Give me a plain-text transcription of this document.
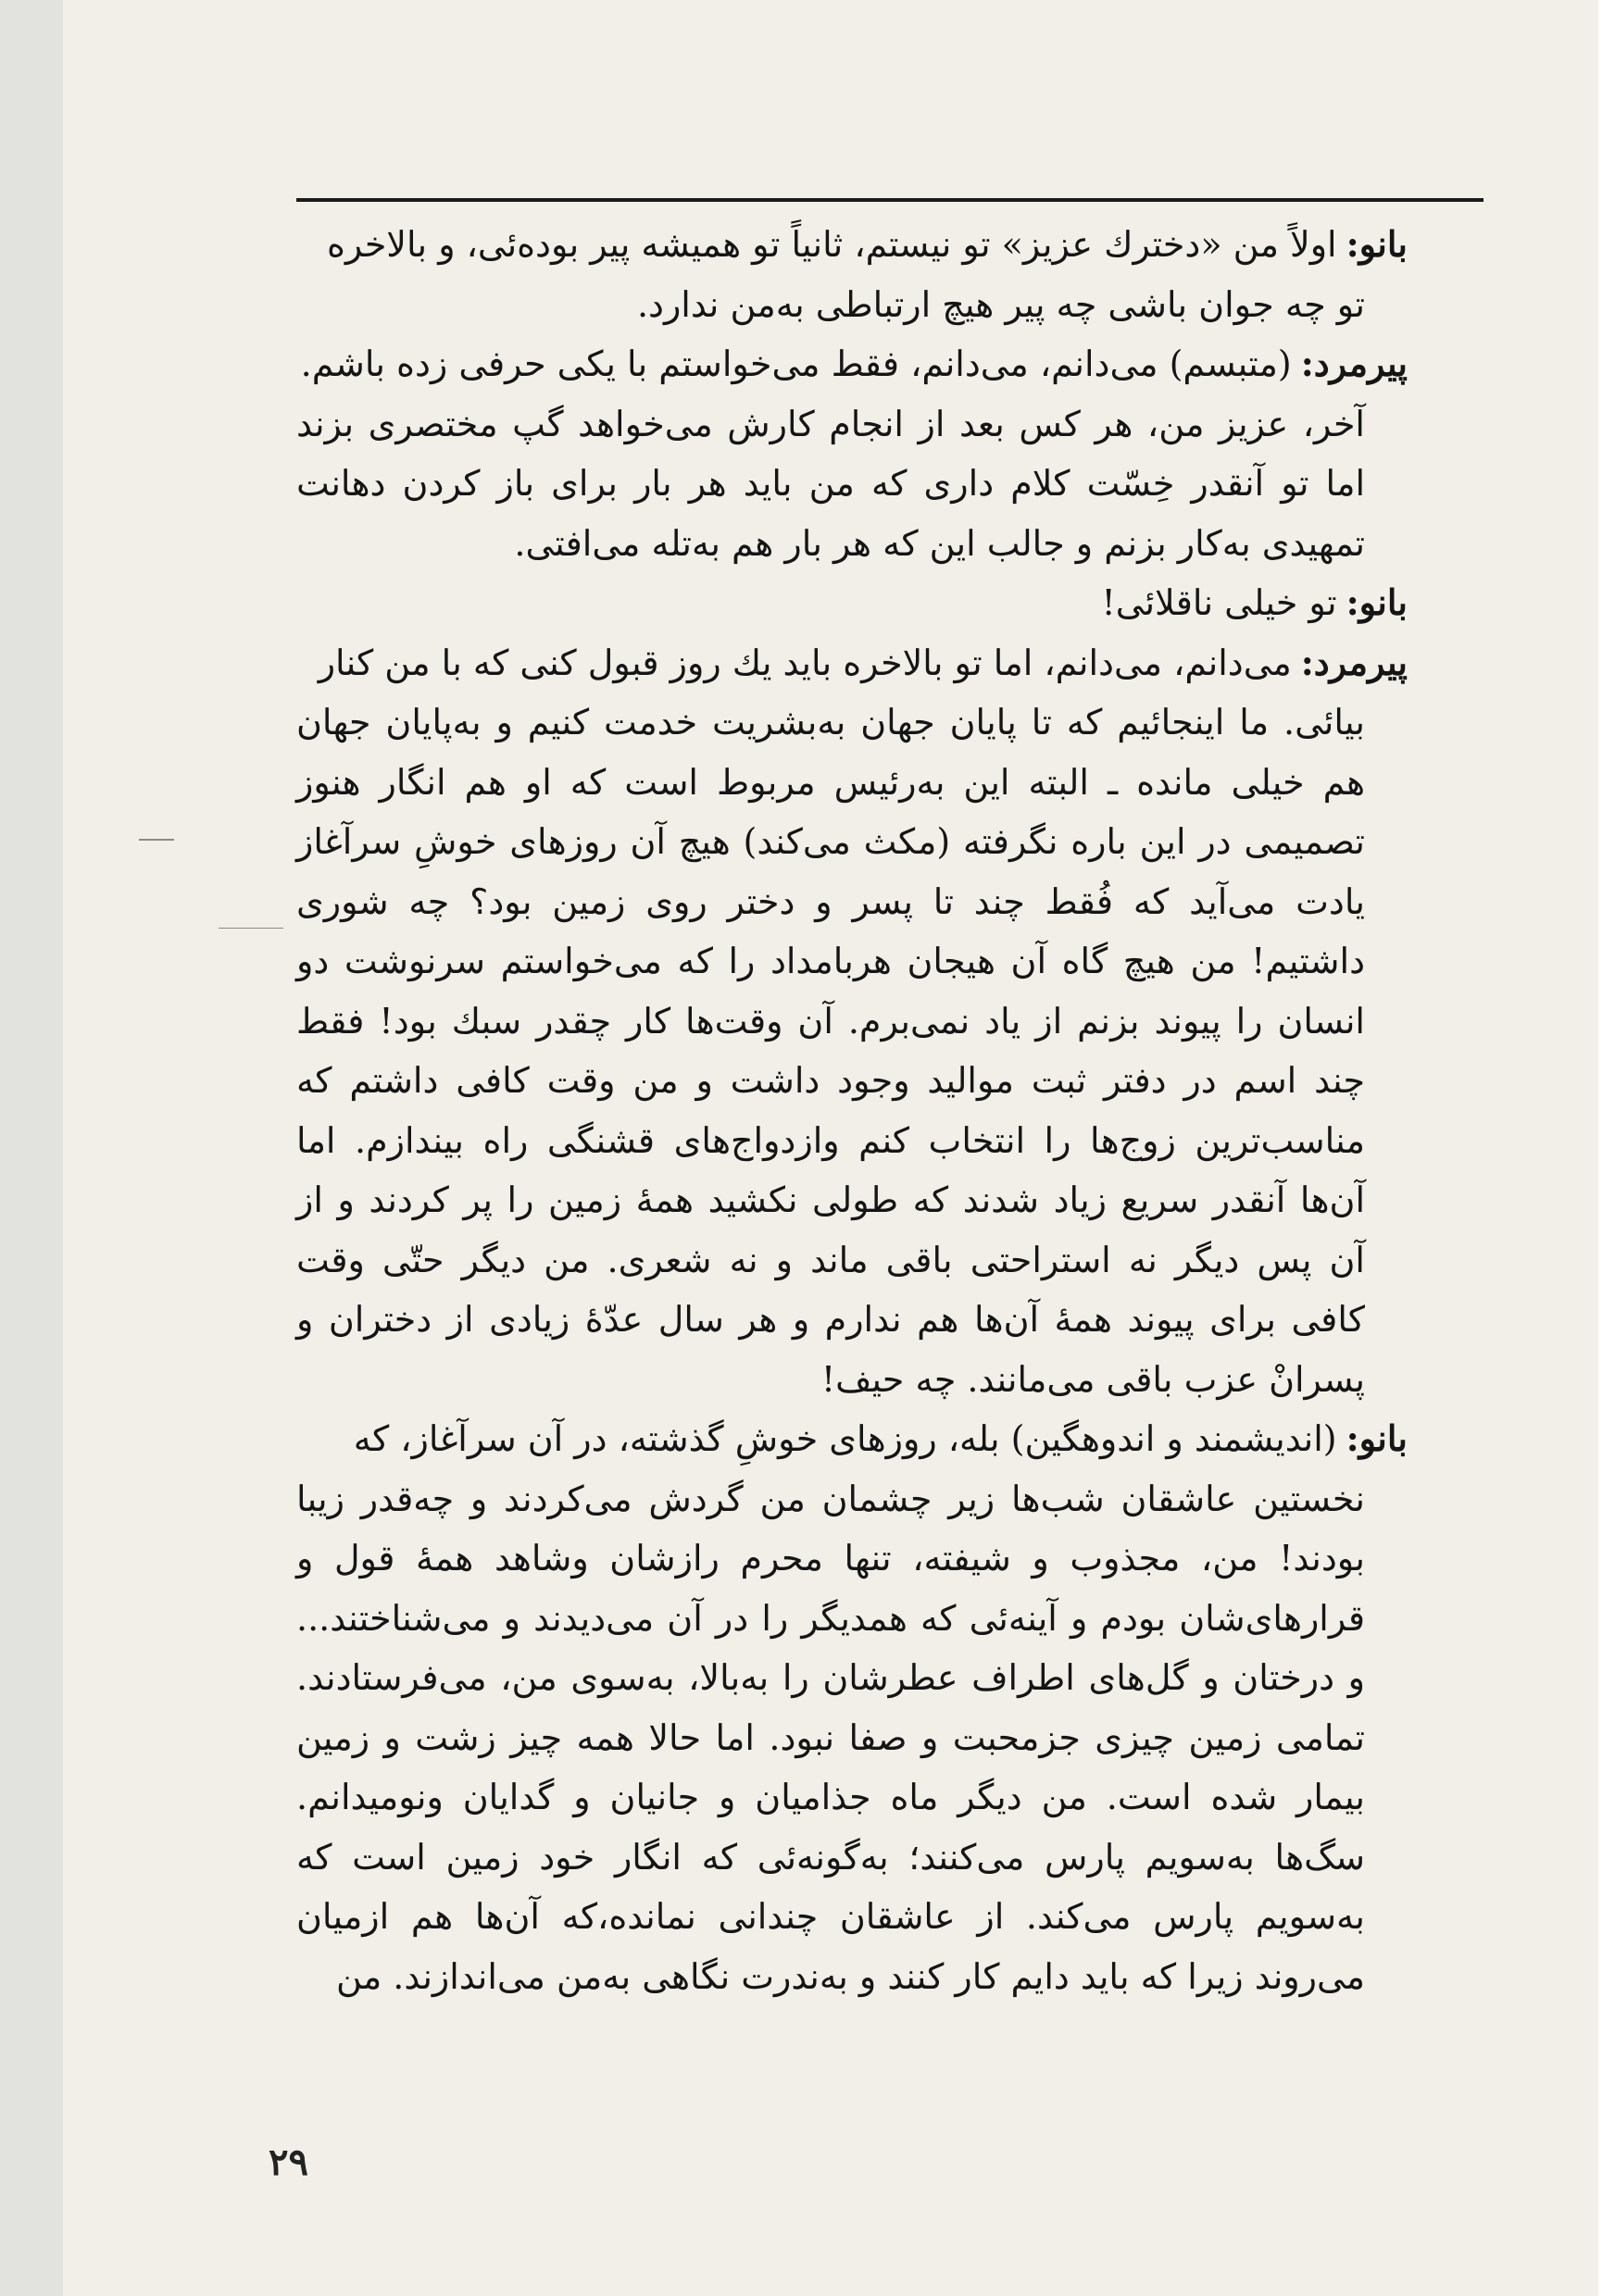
بانو:اولاً من «دخترك عزيز» تو نيستم، ثانياً تو هميشه پير بوده‌ئی، و بالاخره
تو چه جوان باشی چه پير هيچ ارتباطی به‌من ندارد.

پيرمرد:(متبسم) می‌دانم، می‌دانم، فقط می‌خواستم با يكی حرفی زده باشم.
آخر، عزيز من، هر كس بعد از انجام كارش می‌خواهد گپ مختصری بزند اما تو آنقدر خِسّت كلام داری كه من بايد هر بار برای باز كردن دهانت تمهيدی به‌كار بزنم و جالب اين كه هر بار هم به‌تله می‌افتی.

بانو:تو خيلی ناقلائی!

پيرمرد:می‌دانم، می‌دانم، اما تو بالاخره بايد يك روز قبول كنی كه با من كنار
بيائی. ما اينجائيم كه تا پايان جهان به‌بشريت خدمت كنيم و به‌پايان جهان هم خيلی مانده ـ البته اين به‌رئيس مربوط است كه او هم انگار هنوز تصميمی در اين باره نگرفته (مكث می‌كند) هيچ آن روزهای خوشِ سرآغاز يادت می‌آيد كه فُقط چند تا پسر و دختر روی زمين بود؟ چه شوری داشتيم! من هيچ گاه آن هيجان هربامداد را كه می‌خواستم سرنوشت دو انسان را پيوند بزنم از ياد نمی‌برم. آن وقت‌ها كار چقدر سبك بود! فقط چند اسم در دفتر ثبت مواليد وجود داشت و من وقت كافی داشتم كه مناسب‌ترين زوج‌ها را انتخاب كنم وازدواج‌های قشنگی راه بيندازم. اما آن‌ها آنقدر سريع زياد شدند كه طولی نكشيد همهٔ زمين را پر كردند و از آن پس ديگر نه استراحتی باقی ماند و نه شعری. من ديگر حتّی وقت كافی برای پيوند همهٔ آن‌ها هم ندارم و هر سال عدّهٔ زيادی از دختران و پسرانْ عزب باقی می‌مانند. چه حيف!

بانو:(انديشمند و اندوهگين) بله، روزهای خوشِ گذشته، در آن سرآغاز، كه
نخستين عاشقان شب‌ها زير چشمان من گردش می‌كردند و چه‌قدر زيبا بودند! من، مجذوب و شيفته، تنها محرم رازشان وشاهد همهٔ قول و قرارهای‌شان بودم و آينه‌ئی كه همديگر را در آن می‌ديدند و می‌شناختند... و درختان و گل‌های اطراف عطرشان را به‌بالا، به‌سوی من، می‌فرستادند. تمامی زمين چيزی جزمحبت و صفا نبود. اما حالا همه چيز زشت و زمين بيمار شده است. من ديگر ماه جذاميان و جانيان و گدايان ونوميدانم. سگ‌ها به‌سويم پارس می‌كنند؛ به‌گونه‌ئی كه انگار خود زمين است كه به‌سويم پارس می‌كند. از عاشقان چندانی نمانده،كه آن‌ها هم ازميان می‌روند زيرا كه بايد دايم كار كنند و به‌ندرت نگاهی به‌من می‌اندازند. من

۲۹
